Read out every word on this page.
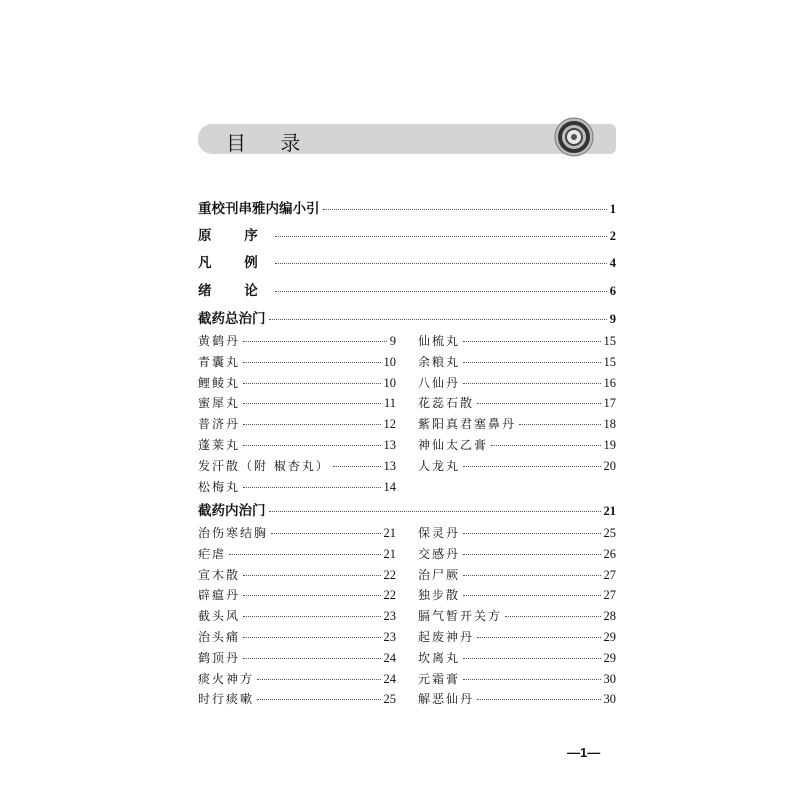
目 录
重校刊串雅内编小引	1
原 序	2
凡 例	4
绪 论	6
截药总治门	9
黄鹤丹	9
青囊丸	10
鲤鲮丸	10
蜜犀丸	11
普济丹	12
蓬莱丸	13
发汗散（附 椒杏丸）	13
松梅丸	14
仙梳丸	15
余粮丸	15
八仙丹	16
花蕊石散	17
紫阳真君塞鼻丹	18
神仙太乙膏	19
人龙丸	20
截药内治门	21
治伤寒结胸	21
疟虐	21
宣木散	22
辟瘟丹	22
截头风	23
治头痛	23
鹤顶丹	24
痰火神方	24
时行痰嗽	25
保灵丹	25
交感丹	26
治尸厥	27
独步散	27
膈气暂开关方	28
起废神丹	29
坎离丸	29
元霜膏	30
解恶仙丹	30
—1—
